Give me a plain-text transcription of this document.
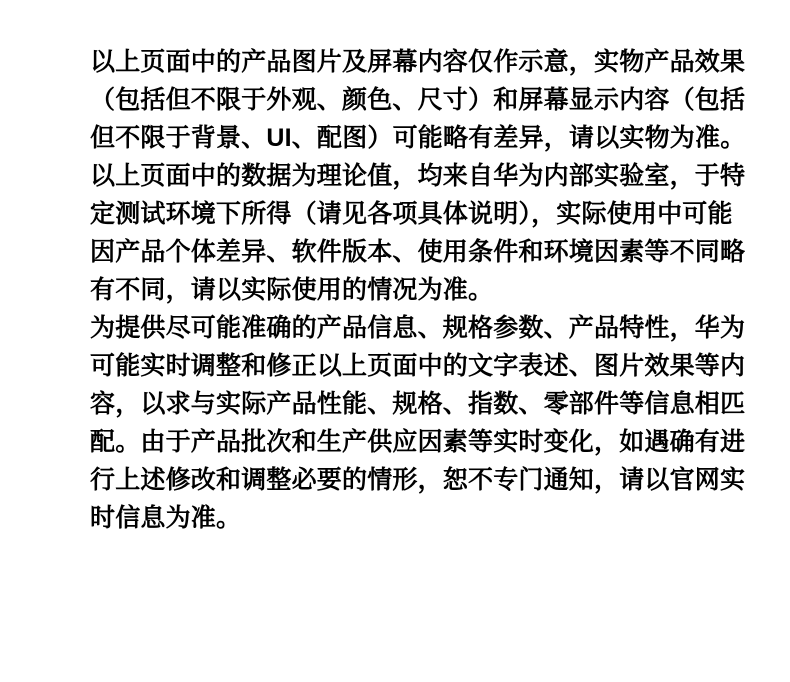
以上页面中的产品图片及屏幕内容仅作示意，实物产品效果
（包括但不限于外观、颜色、尺寸）和屏幕显示内容（包括
但不限于背景、UI、配图）可能略有差异，请以实物为准。
以上页面中的数据为理论值，均来自华为内部实验室，于特
定测试环境下所得（请见各项具体说明），实际使用中可能
因产品个体差异、软件版本、使用条件和环境因素等不同略
有不同，请以实际使用的情况为准。
为提供尽可能准确的产品信息、规格参数、产品特性，华为
可能实时调整和修正以上页面中的文字表述、图片效果等内
容，以求与实际产品性能、规格、指数、零部件等信息相匹
配。由于产品批次和生产供应因素等实时变化，如遇确有进
行上述修改和调整必要的情形，恕不专门通知，请以官网实
时信息为准。
